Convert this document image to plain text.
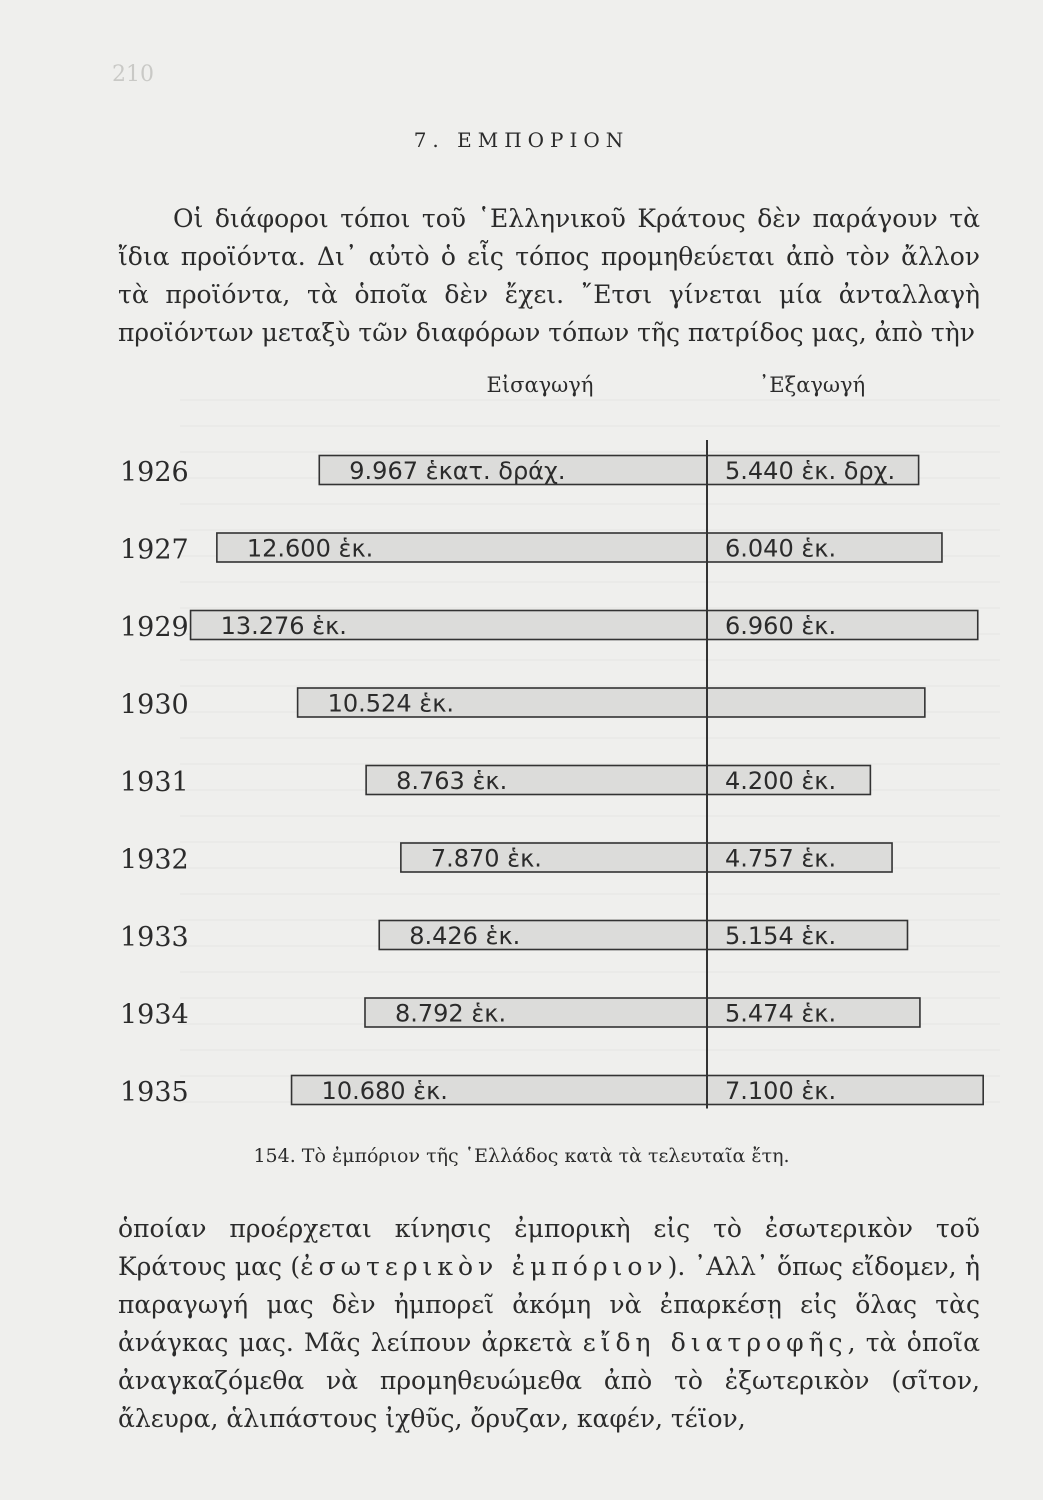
210
7. ΕΜΠΟΡΙΟΝ

Οἱ διάφοροι τόποι τοῦ ῾Ελληνικοῦ Κράτους δὲν παράγουν τὰ ἴδια προϊόντα. Δι᾽ αὐτὸ ὁ εἷς τόπος προμηθεύεται ἀπὸ τὸν ἄλλον τὰ προϊόντα, τὰ ὁποῖα δὲν ἔχει. ῎Ετσι γίνεται μία ἀνταλλαγὴ προϊόντων μεταξὺ τῶν διαφόρων τόπων τῆς πατρίδος μας, ἀπὸ τὴν

Εἰσαγωγή	᾽Εξαγωγή
1926	9.967 ἑκατ. δράχ.	5.440 ἑκ. δρχ.
1927 12.600 ἑκ.	6.040 ἑκ.
1929 13.276 ἑκ.	6.960 ἑκ.
1930	10.524 ἑκ.
1931	8.763 ἑκ.	4.200 ἑκ.
1932	7.870 ἑκ.	4.757 ἑκ.
1933	8.426 ἑκ.	5.154 ἑκ.
1934	8.792 ἑκ.	5.474 ἑκ.
1935	10.680 ἑκ.	7.100 ἑκ.
154. Τὸ ἐμπόριον τῆς ῾Ελλάδος κατὰ τὰ τελευταῖα ἔτη.

ὁποίαν προέρχεται κίνησις ἐμπορικὴ εἰς τὸ ἐσωτερικὸν τοῦ Κράτους μας (ἐσωτερικὸν ἐμπόριον). ᾽Αλλ᾽ ὅπως εἴδομεν, ἡ παραγωγή μας δὲν ἠμπορεῖ ἀκόμη νὰ ἐπαρκέσῃ εἰς ὅλας τὰς ἀνάγκας μας. Μᾶς λείπουν ἀρκετὰ εἴδη διατροφῆς, τὰ ὁποῖα ἀναγκαζόμεθα νὰ προμηθευώμεθα ἀπὸ τὸ ἐξωτερικὸν (σῖτον, ἄλευρα, ἁλιπάστους ἰχθῦς, ὄρυζαν, καφέν, τέϊον,
